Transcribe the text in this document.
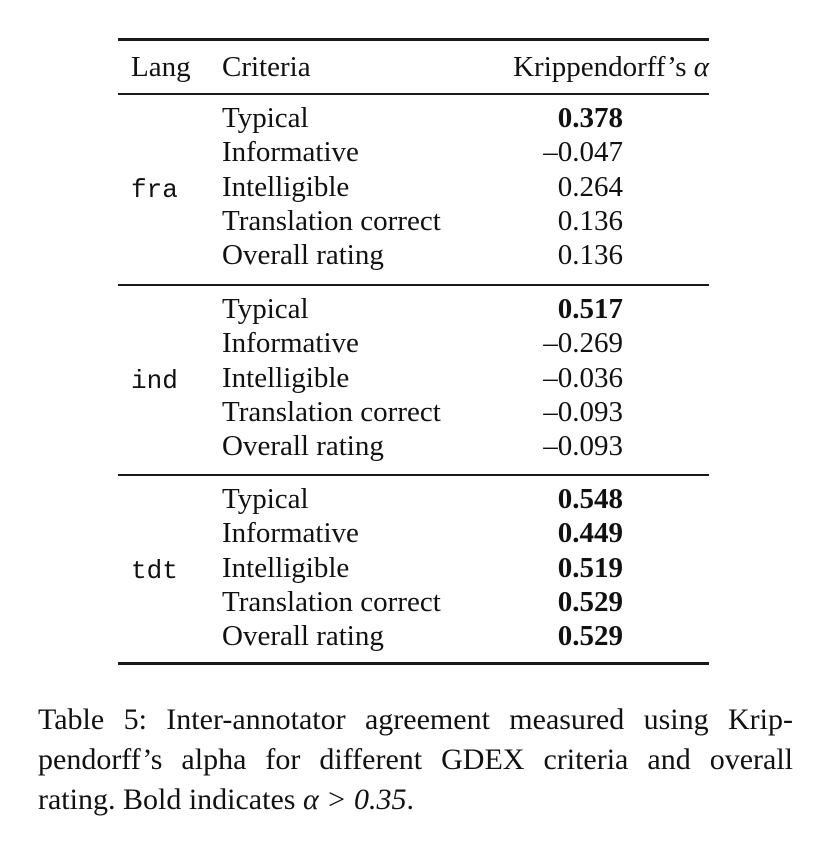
Lang Criteria	Krippendorff’s α
fra
Typical	0.378
Informative	–0.047
Intelligible	0.264
Translation correct	0.136
Overall rating	0.136
ind
Typical	0.517
Informative	–0.269
Intelligible	–0.036
Translation correct	–0.093
Overall rating	–0.093
tdt
Typical	0.548
Informative	0.449
Intelligible	0.519
Translation correct	0.529
Overall rating	0.529
Table 5: Inter-annotator agreement measured using Krip-
pendorff’s alpha for different GDEX criteria and overall
rating. Bold indicates α > 0.35.
